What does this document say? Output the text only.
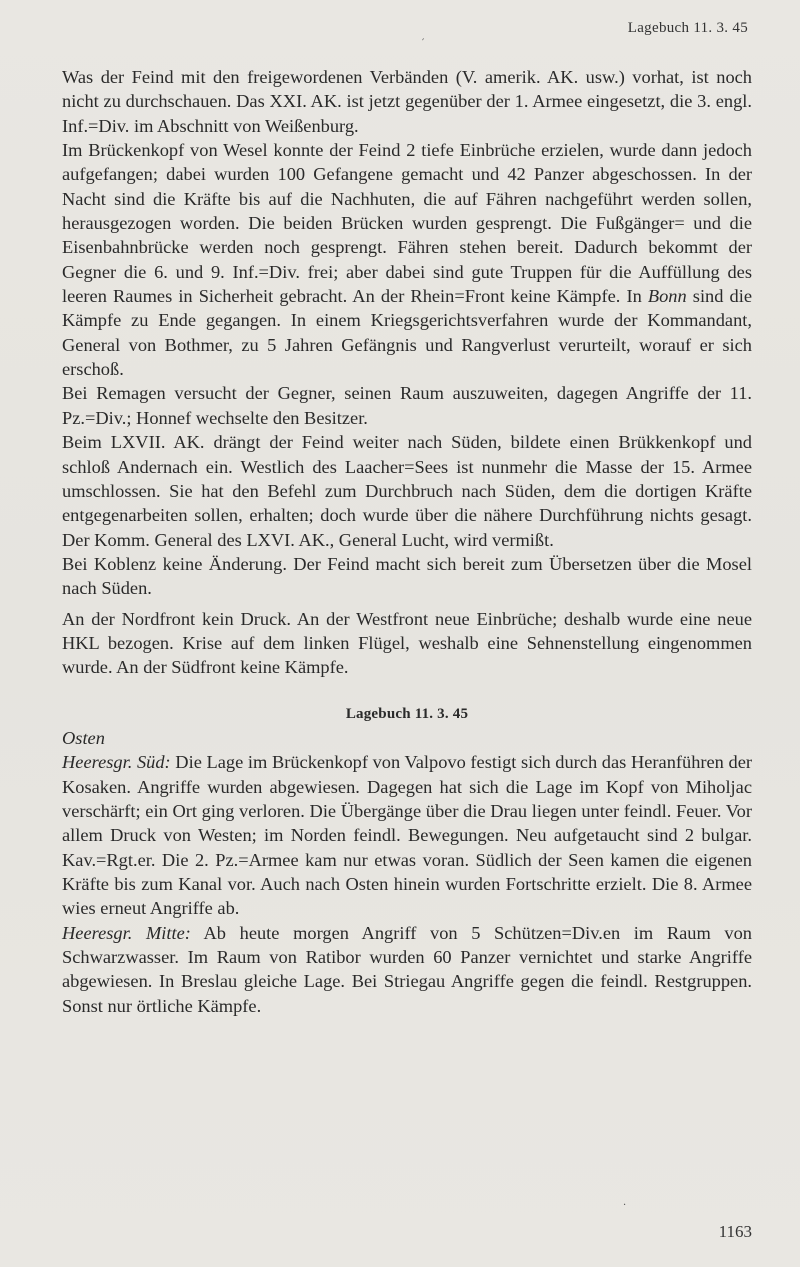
Lagebuch 11. 3. 45
′

Was der Feind mit den freigewordenen Verbänden (V. amerik. AK. usw.) vorhat, ist noch nicht zu durchschauen. Das XXI. AK. ist jetzt gegenüber der 1. Armee eingesetzt, die 3. engl. Inf.=Div. im Abschnitt von Weißenburg.

Im Brückenkopf von Wesel konnte der Feind 2 tiefe Einbrüche erzielen, wurde dann jedoch aufgefangen; dabei wurden 100 Gefangene gemacht und 42 Panzer abgeschossen. In der Nacht sind die Kräfte bis auf die Nachhuten, die auf Fähren nachgeführt werden sollen, herausgezogen worden. Die beiden Brücken wurden gesprengt. Die Fußgänger= und die Eisenbahnbrücke werden noch gesprengt. Fähren stehen bereit. Dadurch bekommt der Gegner die 6. und 9. Inf.=Div. frei; aber dabei sind gute Truppen für die Auffüllung des leeren Raumes in Sicherheit gebracht. An der Rhein=Front keine Kämpfe. In Bonn sind die Kämpfe zu Ende gegangen. In einem Kriegsgerichtsverfahren wurde der Kommandant, General von Bothmer, zu 5 Jahren Gefängnis und Rangverlust verurteilt, worauf er sich erschoß.

Bei Remagen versucht der Gegner, seinen Raum auszuweiten, dagegen Angriffe der 11. Pz.=Div.; Honnef wechselte den Besitzer.

Beim LXVII. AK. drängt der Feind weiter nach Süden, bildete einen Brükkenkopf und schloß Andernach ein. Westlich des Laacher=Sees ist nunmehr die Masse der 15. Armee umschlossen. Sie hat den Befehl zum Durchbruch nach Süden, dem die dortigen Kräfte entgegenarbeiten sollen, erhalten; doch wurde über die nähere Durchführung nichts gesagt. Der Komm. General des LXVI. AK., General Lucht, wird vermißt.

Bei Koblenz keine Änderung. Der Feind macht sich bereit zum Übersetzen über die Mosel nach Süden.

An der Nordfront kein Druck. An der Westfront neue Einbrüche; deshalb wurde eine neue HKL bezogen. Krise auf dem linken Flügel, weshalb eine Sehnenstellung eingenommen wurde. An der Südfront keine Kämpfe.

Lagebuch 11. 3. 45

Osten

Heeresgr. Süd: Die Lage im Brückenkopf von Valpovo festigt sich durch das Heranführen der Kosaken. Angriffe wurden abgewiesen. Dagegen hat sich die Lage im Kopf von Miholjac verschärft; ein Ort ging verloren. Die Übergänge über die Drau liegen unter feindl. Feuer. Vor allem Druck von Westen; im Norden feindl. Bewegungen. Neu aufgetaucht sind 2 bulgar. Kav.=Rgt.er. Die 2. Pz.=Armee kam nur etwas voran. Südlich der Seen kamen die eigenen Kräfte bis zum Kanal vor. Auch nach Osten hinein wurden Fortschritte erzielt. Die 8. Armee wies erneut Angriffe ab.

Heeresgr. Mitte: Ab heute morgen Angriff von 5 Schützen=Div.en im Raum von Schwarzwasser. Im Raum von Ratibor wurden 60 Panzer vernichtet und starke Angriffe abgewiesen. In Breslau gleiche Lage. Bei Striegau Angriffe gegen die feindl. Restgruppen. Sonst nur örtliche Kämpfe.

·
1163
